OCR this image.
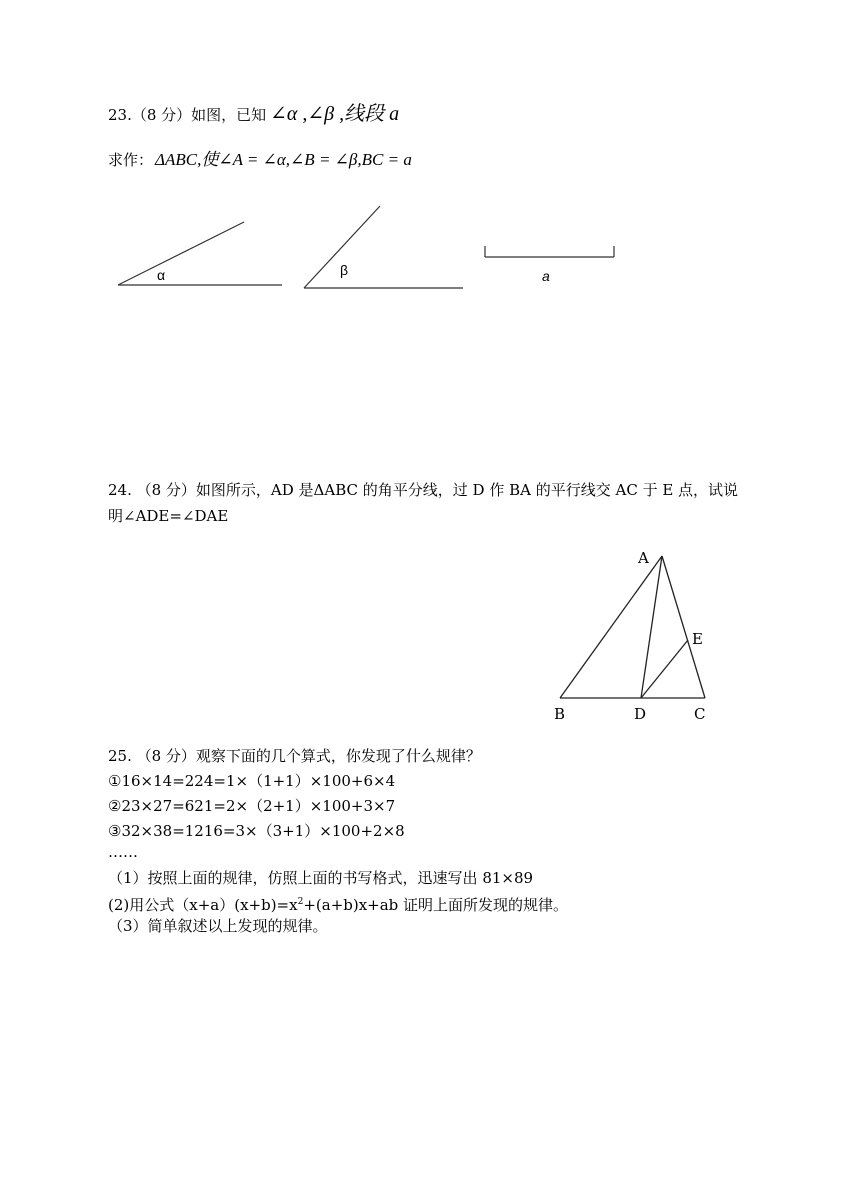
23.（8 分）如图，已知 ∠α ,∠β ,线段 a
求作： ΔABC,使∠A = ∠α,∠B = ∠β,BC = a
α	β	a
24. （8 分）如图所示，AD 是ΔABC 的角平分线，过 D 作 BA 的平行线交 AC 于 E 点，试说
明∠ADE=∠DAE
A
B	D	C
E
25. （8 分）观察下面的几个算式，你发现了什么规律？
①16×14=224=1×（1+1）×100+6×4
②23×27=621=2×（2+1）×100+3×7
③32×38=1216=3×（3+1）×100+2×8
……
（1）按照上面的规律，仿照上面的书写格式，迅速写出 81×89
(2)用公式$(x+a)(x+b)=x^2+(a+b)x+ab$ 证明上面所发现的规律。
（3）简单叙述以上发现的规律。
